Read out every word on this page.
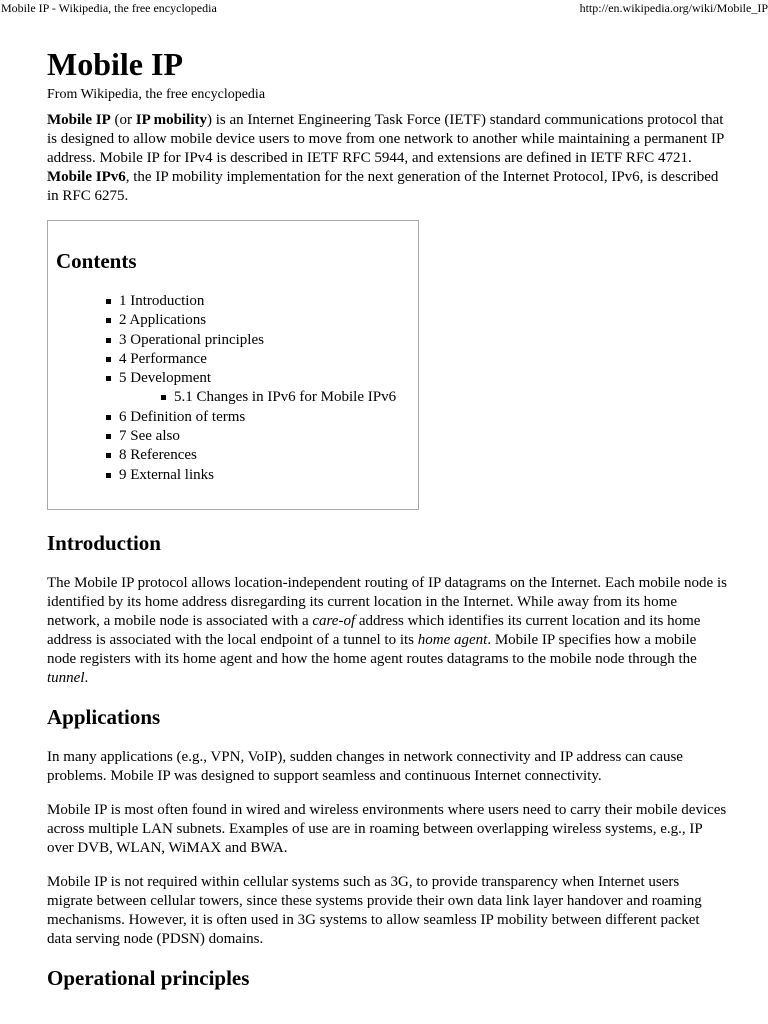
Mobile IP - Wikipedia, the free encyclopedia	http://en.wikipedia.org/wiki/Mobile_IP
Mobile IP
From Wikipedia, the free encyclopedia

Mobile IP (or IP mobility) is an Internet Engineering Task Force (IETF) standard communications protocol that is designed to allow mobile device users to move from one network to another while maintaining a permanent IP address. Mobile IP for IPv4 is described in IETF RFC 5944, and extensions are defined in IETF RFC 4721. Mobile IPv6, the IP mobility implementation for the next generation of the Internet Protocol, IPv6, is described in RFC 6275.

Contents
1 Introduction
2 Applications
3 Operational principles
4 Performance
5 Development
5.1 Changes in IPv6 for Mobile IPv6
6 Definition of terms
7 See also
8 References
9 External links
Introduction

The Mobile IP protocol allows location-independent routing of IP datagrams on the Internet. Each mobile node is identified by its home address disregarding its current location in the Internet. While away from its home network, a mobile node is associated with a care-of address which identifies its current location and its home address is associated with the local endpoint of a tunnel to its home agent. Mobile IP specifies how a mobile node registers with its home agent and how the home agent routes datagrams to the mobile node through the tunnel.

Applications

In many applications (e.g., VPN, VoIP), sudden changes in network connectivity and IP address can cause problems. Mobile IP was designed to support seamless and continuous Internet connectivity.

Mobile IP is most often found in wired and wireless environments where users need to carry their mobile devices across multiple LAN subnets. Examples of use are in roaming between overlapping wireless systems, e.g., IP over DVB, WLAN, WiMAX and BWA.

Mobile IP is not required within cellular systems such as 3G, to provide transparency when Internet users migrate between cellular towers, since these systems provide their own data link layer handover and roaming mechanisms. However, it is often used in 3G systems to allow seamless IP mobility between different packet data serving node (PDSN) domains.

Operational principles
